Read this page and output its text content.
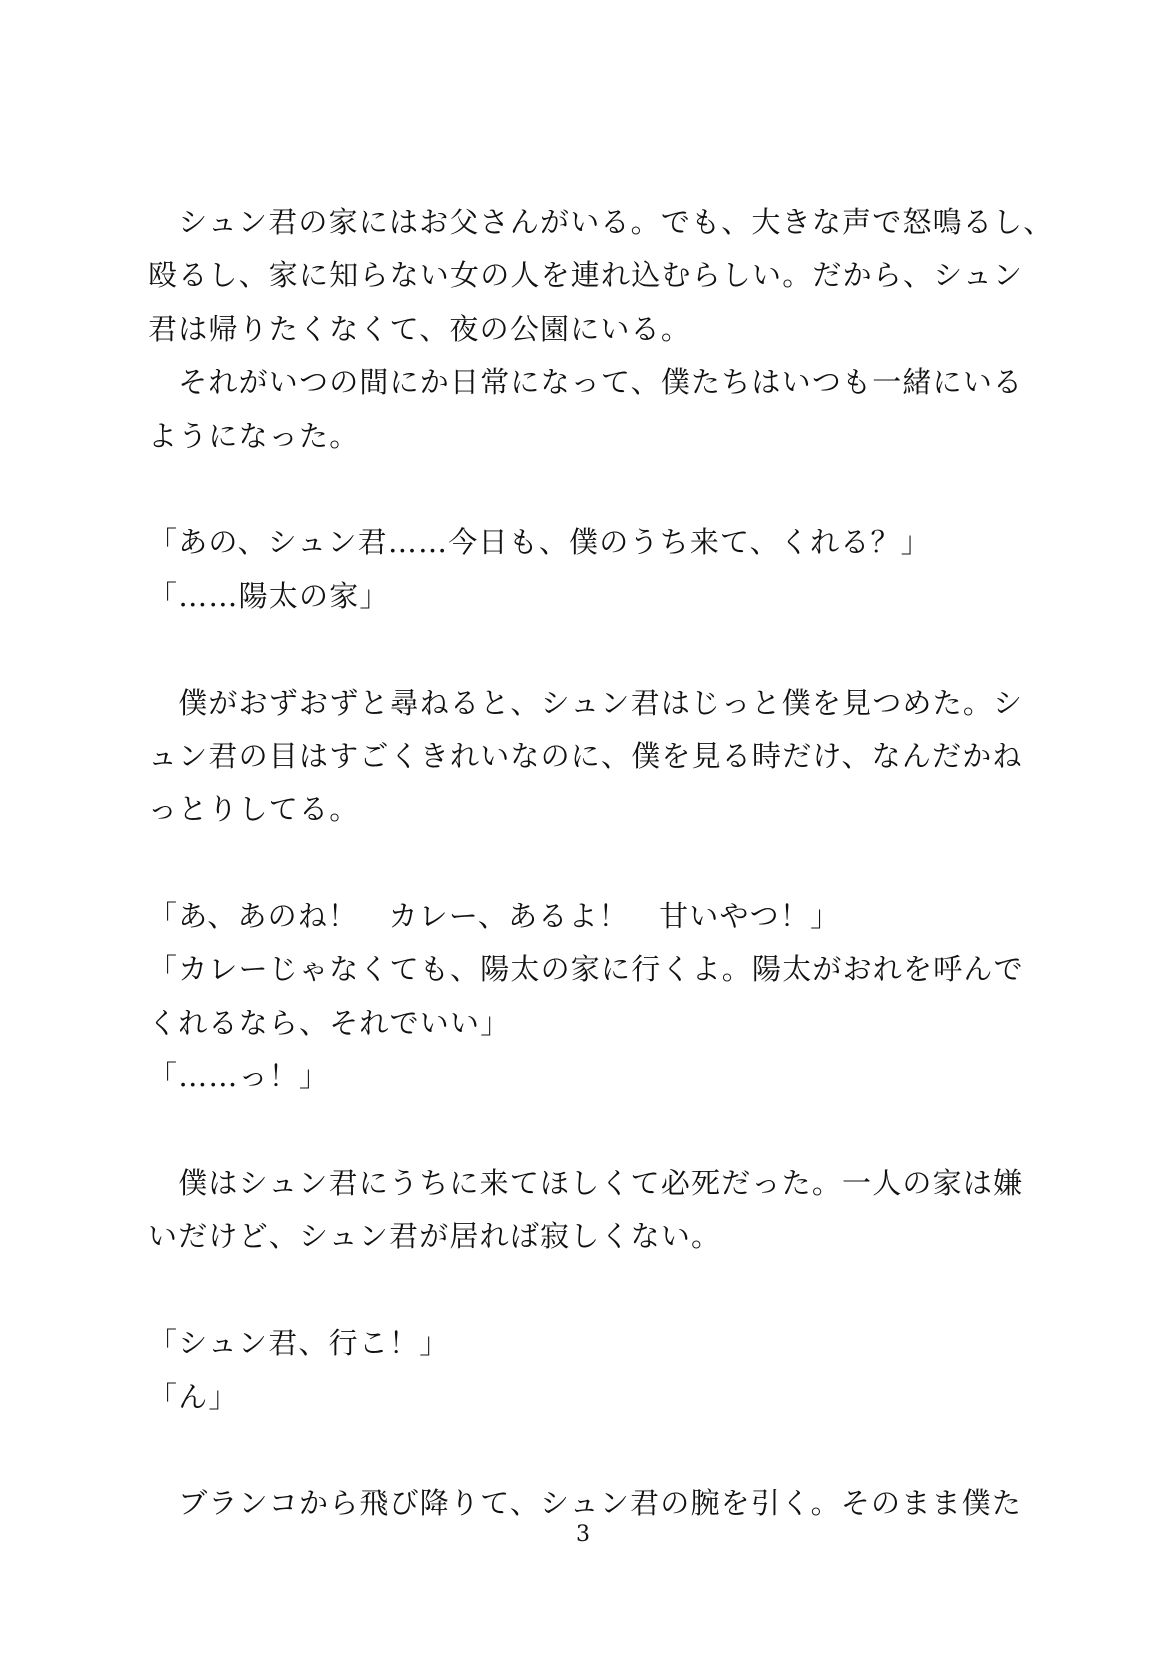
　シュン君の家にはお父さんがいる。でも、大きな声で怒鳴るし、
殴るし、家に知らない女の人を連れ込むらしい。だから、シュン
君は帰りたくなくて、夜の公園にいる。
　それがいつの間にか日常になって、僕たちはいつも一緒にいる
ようになった。
「あの、シュン君……今日も、僕のうち来て、くれる？」
「……陽太の家」
　僕がおずおずと尋ねると、シュン君はじっと僕を見つめた。シ
ュン君の目はすごくきれいなのに、僕を見る時だけ、なんだかね
っとりしてる。
「あ、あのね！　カレー、あるよ！　甘いやつ！」
「カレーじゃなくても、陽太の家に行くよ。陽太がおれを呼んで
くれるなら、それでいい」
「……っ！」
　僕はシュン君にうちに来てほしくて必死だった。一人の家は嫌
いだけど、シュン君が居れば寂しくない。
「シュン君、行こ！」
「ん」
　ブランコから飛び降りて、シュン君の腕を引く。そのまま僕た
3
